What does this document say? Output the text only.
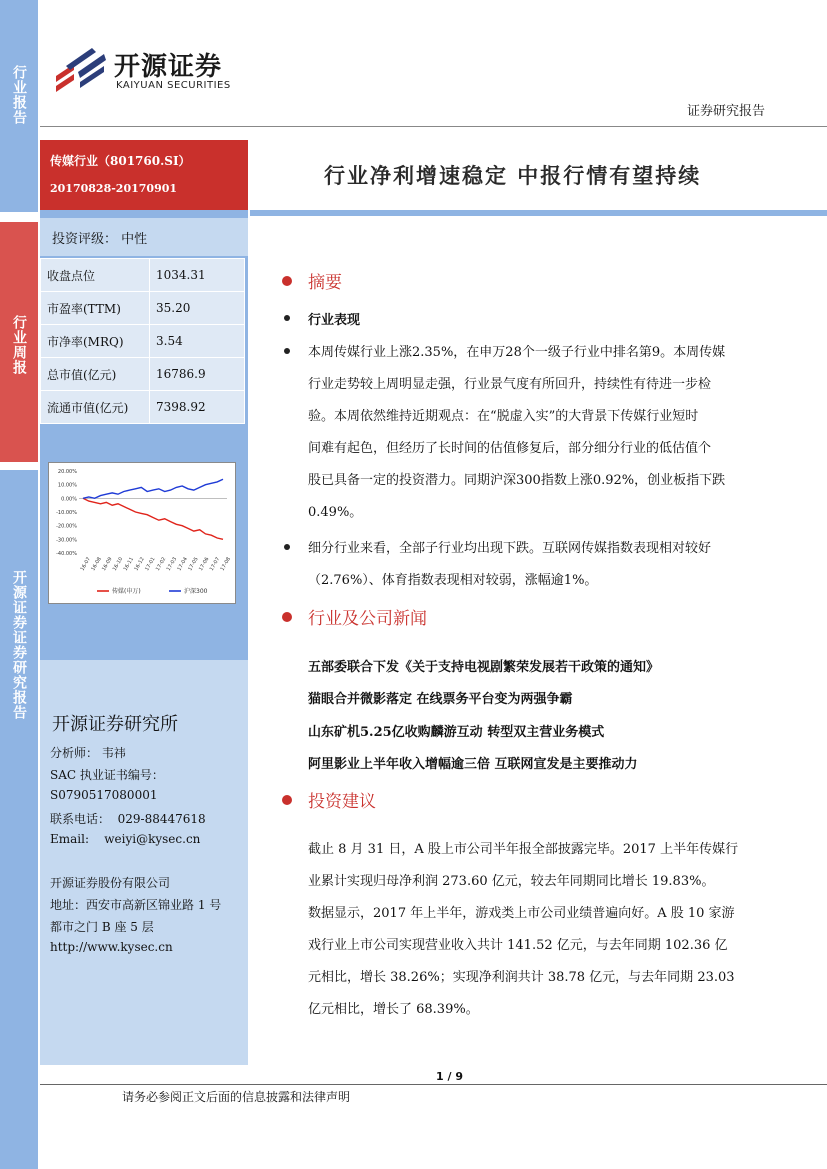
行业报告
行业周报
开源证券证券研究报告
开源证券
KAIYUAN SECURITIES
证券研究报告
传媒行业（801760.SI）
20170828-20170901
行业净利增速稳定 中报行情有望持续
投资评级： 中性
收盘点位	1034.31
市盈率(TTM)	35.20
市净率(MRQ)	3.54
总市值(亿元)	16786.9
流通市值(亿元)	7398.92
20.00%
10.00%
0.00%
-10.00%
-20.00%
-30.00%
-40.00%
16-07
16-08
16-09
16-10
16-11
16-12
17-01
17-02
17-03
17-04
17-05
17-06
17-07
17-08
传媒(申万)	沪深300
开源证券研究所
分析师： 韦祎
SAC 执业证书编号：
S0790517080001
联系电话：  029-88447618
Email:    weiyi@kysec.cn
开源证券股份有限公司
地址：西安市高新区锦业路 1 号
都市之门 B 座 5 层
http://www.kysec.cn
摘要
行业表现
本周传媒行业上涨2.35%，在申万28个一级子行业中排名第9。本周传媒
行业走势较上周明显走强，行业景气度有所回升，持续性有待进一步检
验。本周依然维持近期观点：在“脱虚入实”的大背景下传媒行业短时
间难有起色，但经历了长时间的估值修复后，部分细分行业的低估值个
股已具备一定的投资潜力。同期沪深300指数上涨0.92%，创业板指下跌
0.49%。
细分行业来看，全部子行业均出现下跌。互联网传媒指数表现相对较好
（2.76%）、体育指数表现相对较弱，涨幅逾1%。
行业及公司新闻
五部委联合下发《关于支持电视剧繁荣发展若干政策的通知》
猫眼合并微影落定 在线票务平台变为两强争霸
山东矿机5.25亿收购麟游互动 转型双主营业务模式
阿里影业上半年收入增幅逾三倍 互联网宣发是主要推动力
投资建议
截止 8 月 31 日，A 股上市公司半年报全部披露完毕。2017 上半年传媒行
业累计实现归母净利润 273.60 亿元，较去年同期同比增长 19.83%。
数据显示，2017 年上半年，游戏类上市公司业绩普遍向好。A 股 10 家游
戏行业上市公司实现营业收入共计 141.52 亿元，与去年同期 102.36 亿
元相比，增长 38.26%；实现净利润共计 38.78 亿元，与去年同期 23.03
亿元相比，增长了 68.39%。
1 / 9
请务必参阅正文后面的信息披露和法律声明
